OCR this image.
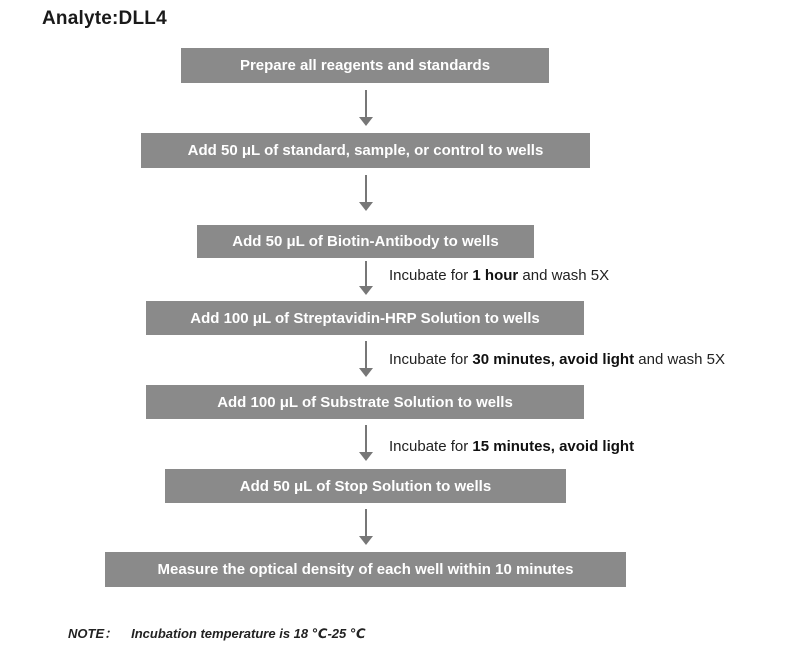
Analyte:DLL4
Prepare all reagents and standards
Add 50 μL of standard, sample, or control to wells
Add 50 μL of Biotin-Antibody to wells
Incubate for 1 hour and wash 5X
Add 100 μL of Streptavidin-HRP Solution to wells
Incubate for 30 minutes, avoid light and wash 5X
Add 100 μL of Substrate Solution to wells
Incubate for 15 minutes, avoid light
Add 50 μL of Stop Solution to wells
Measure the optical density of each well within 10 minutes
NOTE： Incubation temperature is 18 ℃-25 ℃
